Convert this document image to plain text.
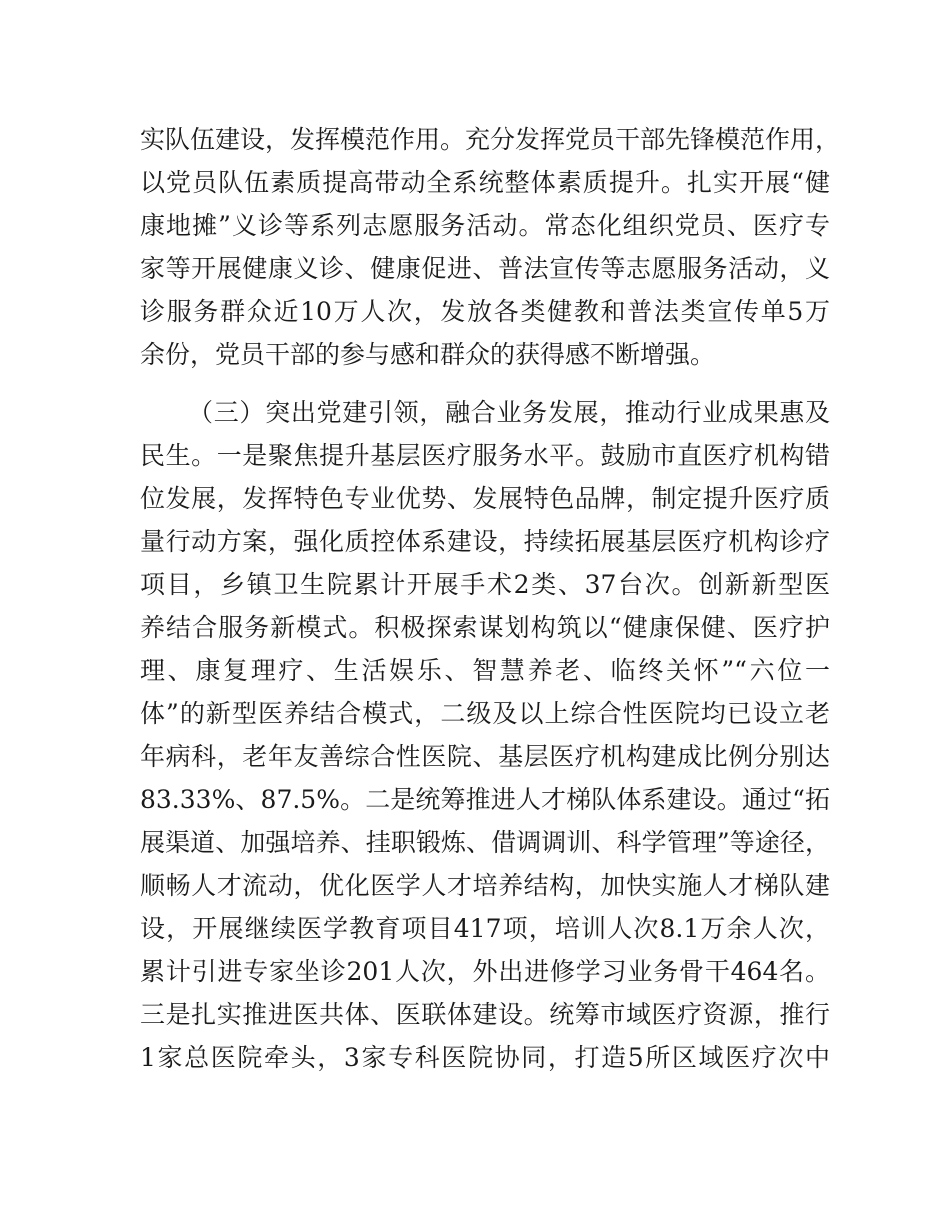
实队伍建设，发挥模范作用。充分发挥党员干部先锋模范作用，
以党员队伍素质提高带动全系统整体素质提升。扎实开展“健
康地摊”义诊等系列志愿服务活动。常态化组织党员、医疗专
家等开展健康义诊、健康促进、普法宣传等志愿服务活动，义
诊服务群众近10万人次，发放各类健教和普法类宣传单5万
余份，党员干部的参与感和群众的获得感不断增强。
（三）突出党建引领，融合业务发展，推动行业成果惠及
民生。一是聚焦提升基层医疗服务水平。鼓励市直医疗机构错
位发展，发挥特色专业优势、发展特色品牌，制定提升医疗质
量行动方案，强化质控体系建设，持续拓展基层医疗机构诊疗
项目，乡镇卫生院累计开展手术2类、37台次。创新新型医
养结合服务新模式。积极探索谋划构筑以“健康保健、医疗护
理、康复理疗、生活娱乐、智慧养老、临终关怀”“六位一
体”的新型医养结合模式，二级及以上综合性医院均已设立老
年病科，老年友善综合性医院、基层医疗机构建成比例分别达
83.33%、87.5%。二是统筹推进人才梯队体系建设。通过“拓
展渠道、加强培养、挂职锻炼、借调调训、科学管理”等途径，
顺畅人才流动，优化医学人才培养结构，加快实施人才梯队建
设，开展继续医学教育项目417项，培训人次8.1万余人次，
累计引进专家坐诊201人次，外出进修学习业务骨干464名。
三是扎实推进医共体、医联体建设。统筹市域医疗资源，推行
1家总医院牵头，3家专科医院协同，打造5所区域医疗次中
